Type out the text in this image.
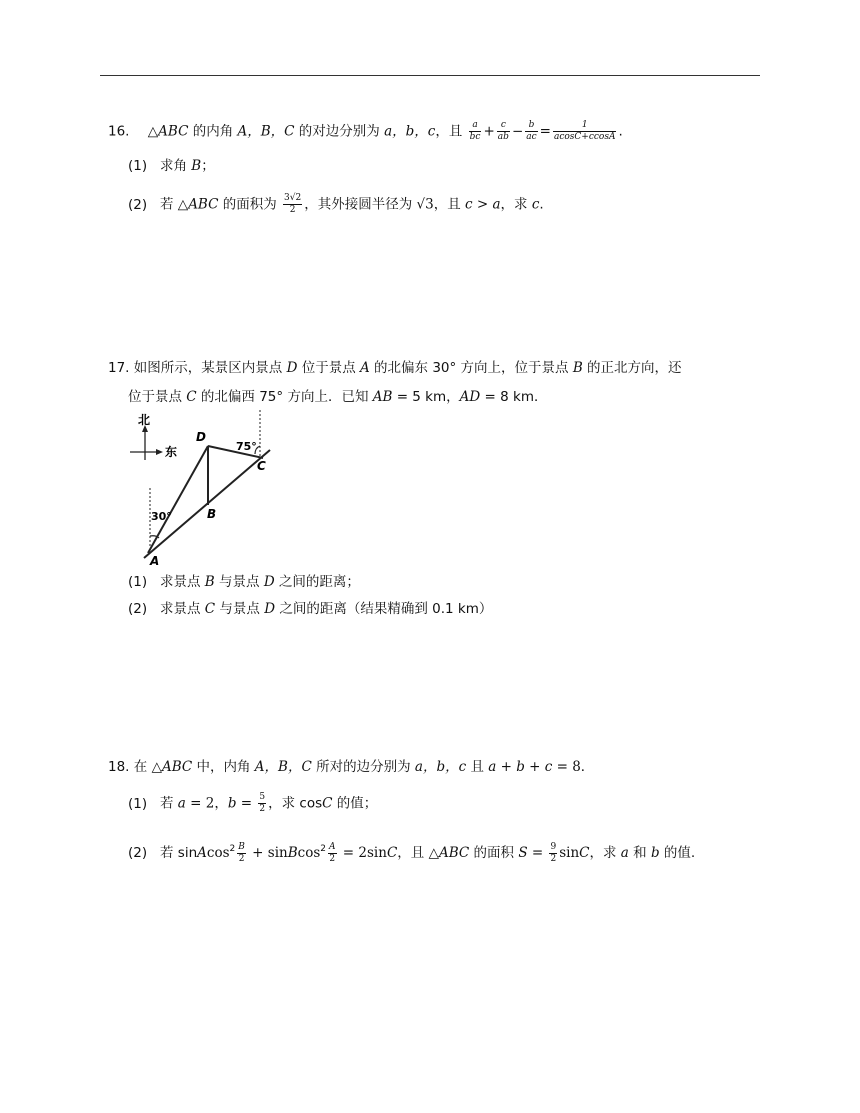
16. △ABC 的内角 A，B，C 的对边分别为 a，b，c，且 $\frac{a}{bc} + \frac{c}{ab} - \frac{b}{ac} = \frac{1}{acosC+ccosA}$ .
(1) 求角 B；
(2) 若 △ABC 的面积为 $\frac{3√2}{2}$ ，其外接圆半径为 √3，且 c > a，求 c.
17. 如图所示，某景区内景点 D 位于景点 A 的北偏东 30° 方向上，位于景点 B 的正北方向，还
位于景点 C 的北偏西 75° 方向上．已知 AB = 5 km，AD = 8 km．
北
东
D
C
B
A
30°
75°
(1) 求景点 B 与景点 D 之间的距离；
(2) 求景点 C 与景点 D 之间的距离（结果精确到 0.1 km）
18. 在 △ABC 中，内角 A，B，C 所对的边分别为 a，b，c 且 a + b + c = 8．
(1) 若 a = 2，$b = \frac{5}{2}$ ，求 cosC 的值；
(2) 若 sinAcos$^2$ $\frac{B}{2}$ + sinBcos$^2$ $\frac{A}{2} = 2\sin C$，且 △ABC 的面积 $S = \frac{9}{2}$ sinC，求 a 和 b 的值.
